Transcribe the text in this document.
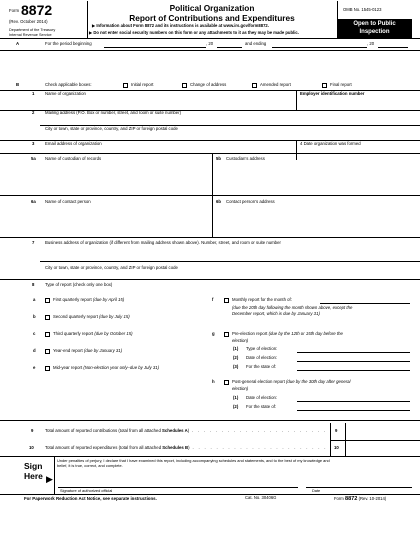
Form 8872
(Rev. October 2014)
Department of the Treasury
Internal Revenue Service
Political Organization
Report of Contributions and Expenditures
▶ Information about Form 8872 and its instructions is available at www.irs.gov/form8872.
▶ Do not enter social security numbers on this form or any attachments to it as they may be made public.
OMB No. 1545-0123
Open to Public
Inspection
A	For the period beginning	, 20	and ending	, 20
B	Check applicable boxes:	Initial report	Change of address	Amended report	Final report
1 Name of organization	Employer identification number
2 Mailing address (P.O. Box or number, street, and room or suite number)
City or town, state or province, country, and ZIP or foreign postal code
3 Email address of organization	4 Date organization was formed
5a Name of custodian of records	5b Custodian’s address
6a Name of contact person	6b Contact person’s address
7 Business address of organization (if different from mailing address shown above). Number, street, and room or suite number
City or town, state or province, country, and ZIP or foreign postal code
8 Type of report (check only one box)
a	First quarterly report (due by April 15)
b	Second quarterly report (due by July 15)
c	Third quarterly report (due by October 15)
d	Year-end report (due by January 31)
e	Mid-year report (Non-election year only–due by July 31)
f	Monthly report for the month of:
(due the 20th day following the month shown above, except the
December report, which is due by January 31)
g	Pre-election report (due by the 12th or 15th day before the
election)
(1) Type of election:
(2) Date of election:
(3) For the state of:
h	Post-general election report (due by the 30th day after general
election)
(1) Date of election:
(2) For the state of:
9	Total amount of reported contributions (total from all attached Schedules A) . . . . . . . . . . . . . . . . . . . . . . . 9
10	Total amount of reported expenditures (total from all attached Schedules B) . . . . . . . . . . . . . . . . . . . . . . . 10
Sign
Here
Under penalties of perjury, I declare that I have examined this report, including accompanying schedules and statements, and to the best of my knowledge and
belief, it is true, correct, and complete.
▶
Signature of authorized official	Date
For Paperwork Reduction Act Notice, see separate instructions.	Cat. No. 30406G	Form 8872 (Rev. 10-2014)
